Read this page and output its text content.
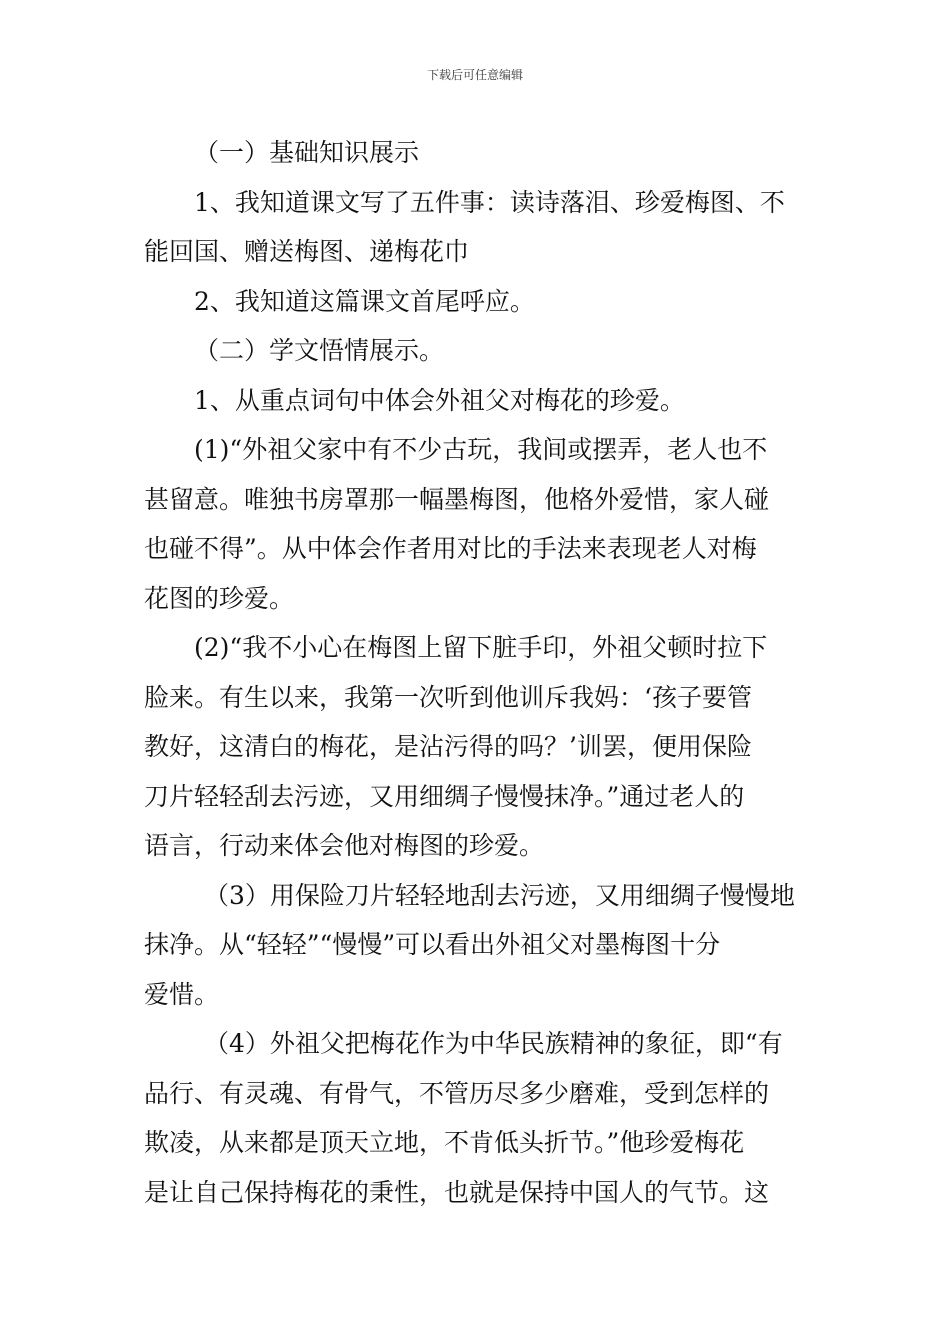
下载后可任意编辑
（一）基础知识展示
1、我知道课文写了五件事：读诗落泪、珍爱梅图、不
能回国、赠送梅图、递梅花巾
2、我知道这篇课文首尾呼应。
（二）学文悟情展示。
1、从重点词句中体会外祖父对梅花的珍爱。
(1)“外祖父家中有不少古玩，我间或摆弄，老人也不
甚留意。唯独书房罩那一幅墨梅图，他格外爱惜，家人碰
也碰不得”。从中体会作者用对比的手法来表现老人对梅
花图的珍爱。
(2)“我不小心在梅图上留下脏手印，外祖父顿时拉下
脸来。有生以来，我第一次听到他训斥我妈：‘孩子要管
教好，这清白的梅花，是沾污得的吗？’训罢，便用保险
刀片轻轻刮去污迹，又用细绸子慢慢抹净。”通过老人的
语言，行动来体会他对梅图的珍爱。
（3）用保险刀片轻轻地刮去污迹，又用细绸子慢慢地
抹净。从“轻轻”“慢慢”可以看出外祖父对墨梅图十分
爱惜。
（4）外祖父把梅花作为中华民族精神的象征，即“有
品行、有灵魂、有骨气，不管历尽多少磨难，受到怎样的
欺凌，从来都是顶天立地，不肯低头折节。”他珍爱梅花
是让自己保持梅花的秉性，也就是保持中国人的气节。这
